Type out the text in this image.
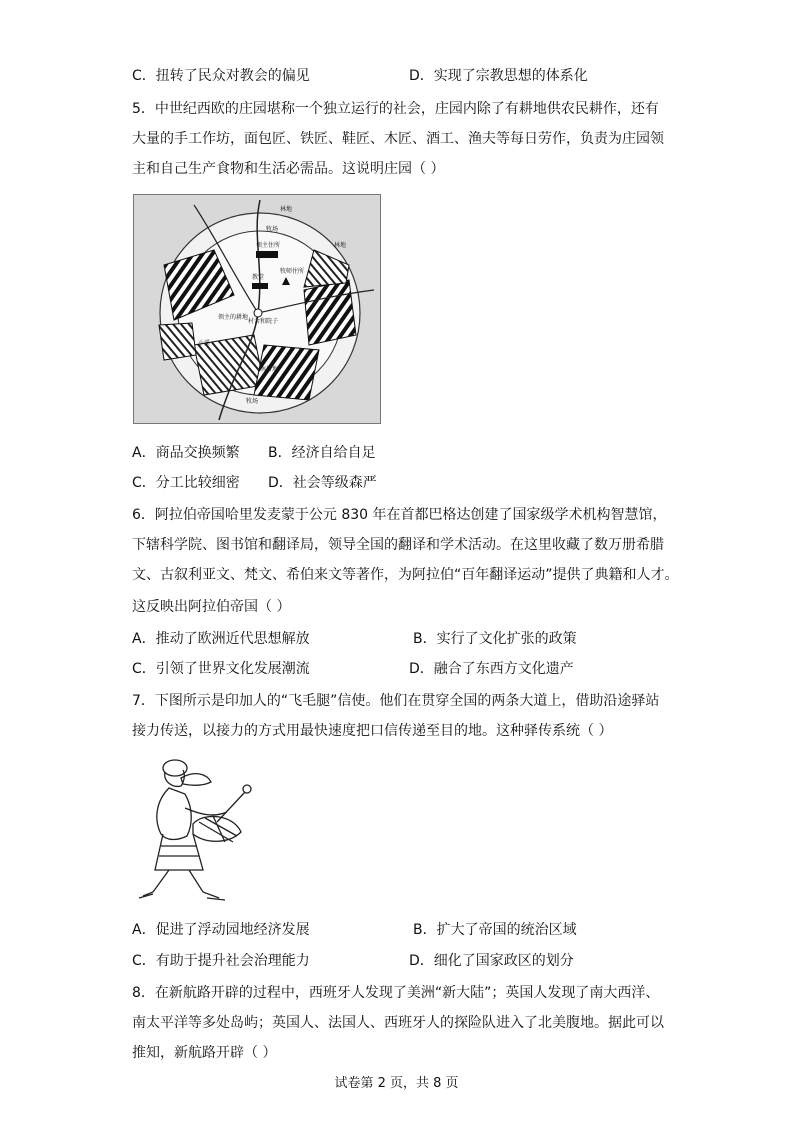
C．扭转了民众对教会的偏见	D．实现了宗教思想的体系化
5．中世纪西欧的庄园堪称一个独立运行的社会，庄园内除了有耕地供农民耕作，还有
大量的手工作坊，面包匠、铁匠、鞋匠、木匠、酒工、渔夫等每日劳作，负责为庄园领
主和自己生产食物和生活必需品。这说明庄园（ ）
林地
林地
牧场
领主住所
牧师住所
教堂
村舍和院子
领主的耕地
小溪
牧场
南耕地
A．商品交换频繁 B．经济自给自足
C．分工比较细密 D．社会等级森严
6．阿拉伯帝国哈里发麦蒙于公元 830 年在首都巴格达创建了国家级学术机构智慧馆，
下辖科学院、图书馆和翻译局，领导全国的翻译和学术活动。在这里收藏了数万册希腊
文、古叙利亚文、梵文、希伯来文等著作，为阿拉伯“百年翻译运动”提供了典籍和人才。
这反映出阿拉伯帝国（ ）
A．推动了欧洲近代思想解放	B．实行了文化扩张的政策
C．引领了世界文化发展潮流	D．融合了东西方文化遗产
7．下图所示是印加人的“飞毛腿”信使。他们在贯穿全国的两条大道上，借助沿途驿站
接力传送，以接力的方式用最快速度把口信传递至目的地。这种驿传系统（ ）
A．促进了浮动园地经济发展	B．扩大了帝国的统治区域
C．有助于提升社会治理能力	D．细化了国家政区的划分
8．在新航路开辟的过程中，西班牙人发现了美洲“新大陆”；英国人发现了南大西洋、
南太平洋等多处岛屿；英国人、法国人、西班牙人的探险队进入了北美腹地。据此可以
推知，新航路开辟（ ）
试卷第 2 页，共 8 页
